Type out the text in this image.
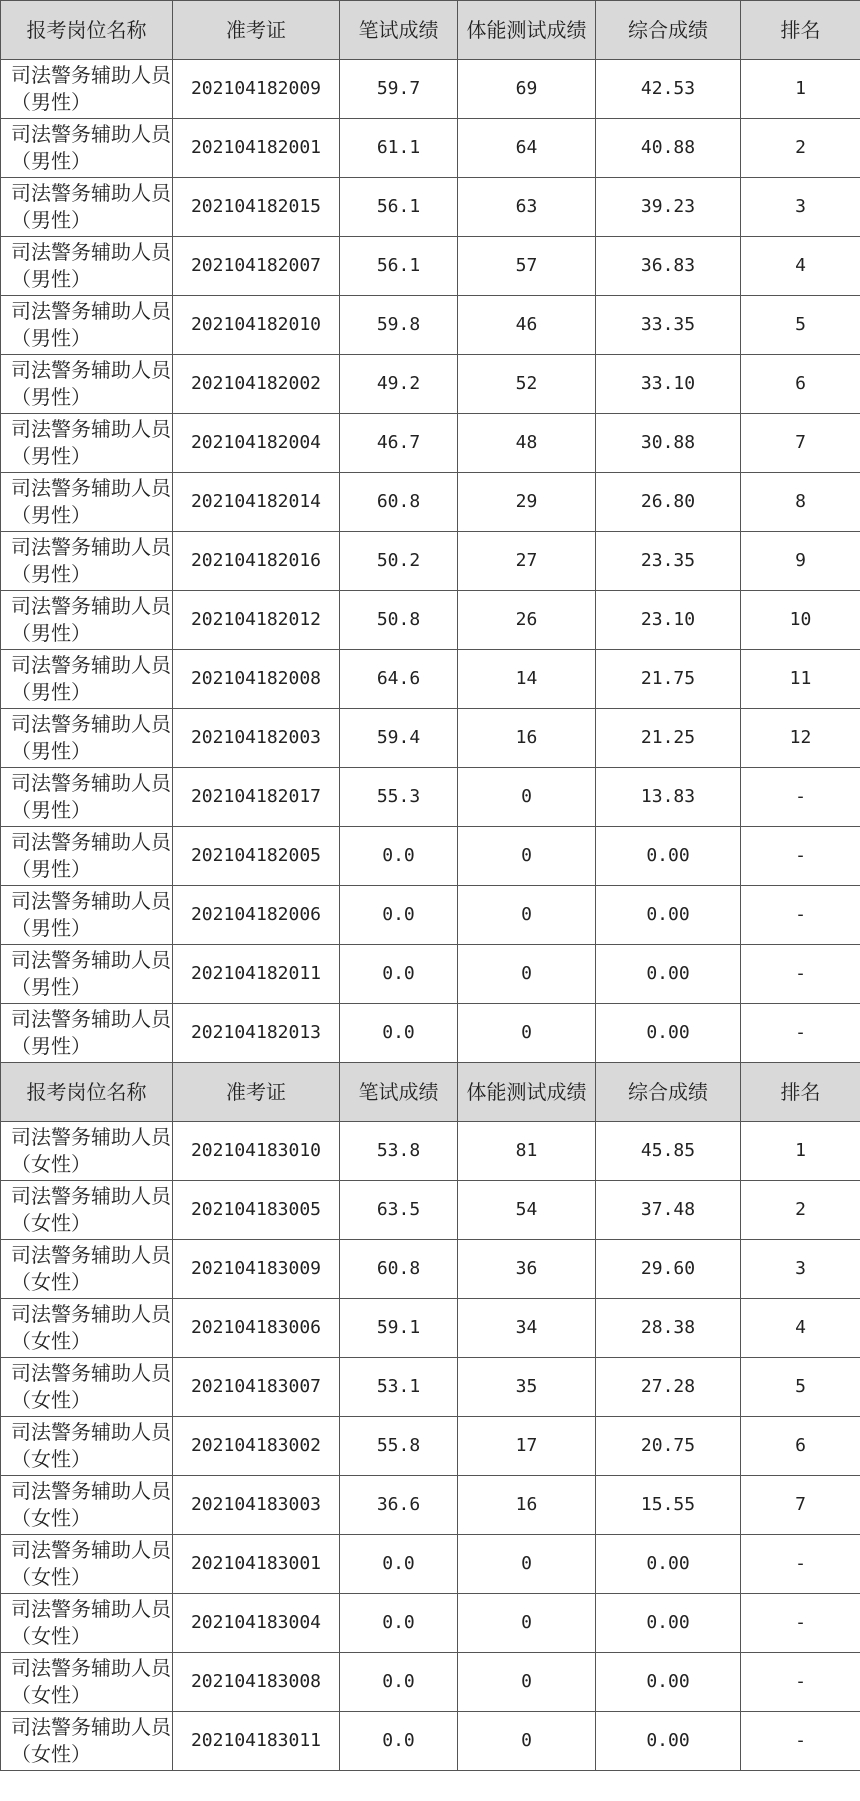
报考岗位名称	准考证	笔试成绩	体能测试成绩	综合成绩	排名
司法警务辅助人员（男性）	202104182009	59.7	69	42.53	1
司法警务辅助人员（男性）	202104182001	61.1	64	40.88	2
司法警务辅助人员（男性）	202104182015	56.1	63	39.23	3
司法警务辅助人员（男性）	202104182007	56.1	57	36.83	4
司法警务辅助人员（男性）	202104182010	59.8	46	33.35	5
司法警务辅助人员（男性）	202104182002	49.2	52	33.10	6
司法警务辅助人员（男性）	202104182004	46.7	48	30.88	7
司法警务辅助人员（男性）	202104182014	60.8	29	26.80	8
司法警务辅助人员（男性）	202104182016	50.2	27	23.35	9
司法警务辅助人员（男性）	202104182012	50.8	26	23.10	10
司法警务辅助人员（男性）	202104182008	64.6	14	21.75	11
司法警务辅助人员（男性）	202104182003	59.4	16	21.25	12
司法警务辅助人员（男性）	202104182017	55.3	0	13.83	-
司法警务辅助人员（男性）	202104182005	0.0	0	0.00	-
司法警务辅助人员（男性）	202104182006	0.0	0	0.00	-
司法警务辅助人员（男性）	202104182011	0.0	0	0.00	-
司法警务辅助人员（男性）	202104182013	0.0	0	0.00	-
报考岗位名称	准考证	笔试成绩	体能测试成绩	综合成绩	排名
司法警务辅助人员（女性）	202104183010	53.8	81	45.85	1
司法警务辅助人员（女性）	202104183005	63.5	54	37.48	2
司法警务辅助人员（女性）	202104183009	60.8	36	29.60	3
司法警务辅助人员（女性）	202104183006	59.1	34	28.38	4
司法警务辅助人员（女性）	202104183007	53.1	35	27.28	5
司法警务辅助人员（女性）	202104183002	55.8	17	20.75	6
司法警务辅助人员（女性）	202104183003	36.6	16	15.55	7
司法警务辅助人员（女性）	202104183001	0.0	0	0.00	-
司法警务辅助人员（女性）	202104183004	0.0	0	0.00	-
司法警务辅助人员（女性）	202104183008	0.0	0	0.00	-
司法警务辅助人员（女性）	202104183011	0.0	0	0.00	-
